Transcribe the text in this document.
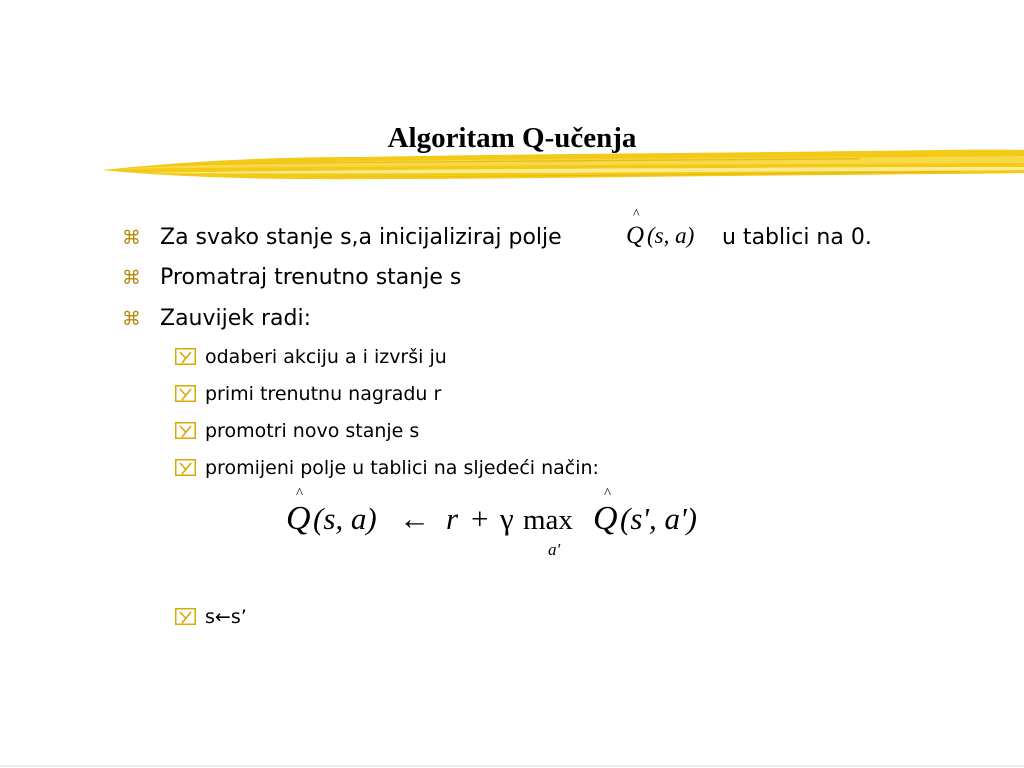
Algoritam Q-učenja
⌘ Za svako stanje s,a inicijaliziraj polje
^
Q (s, a) u tablici na 0.
⌘ Promatraj trenutno stanje s
⌘ Zauvijek radi:
odaberi akciju a i izvrši ju
primi trenutnu nagradu r
promotri novo stanje s
promijeni polje u tablici na sljedeći način:
^
Q (s, a) ← r + γ max
a'
^
Q (s', a')
s←s’
